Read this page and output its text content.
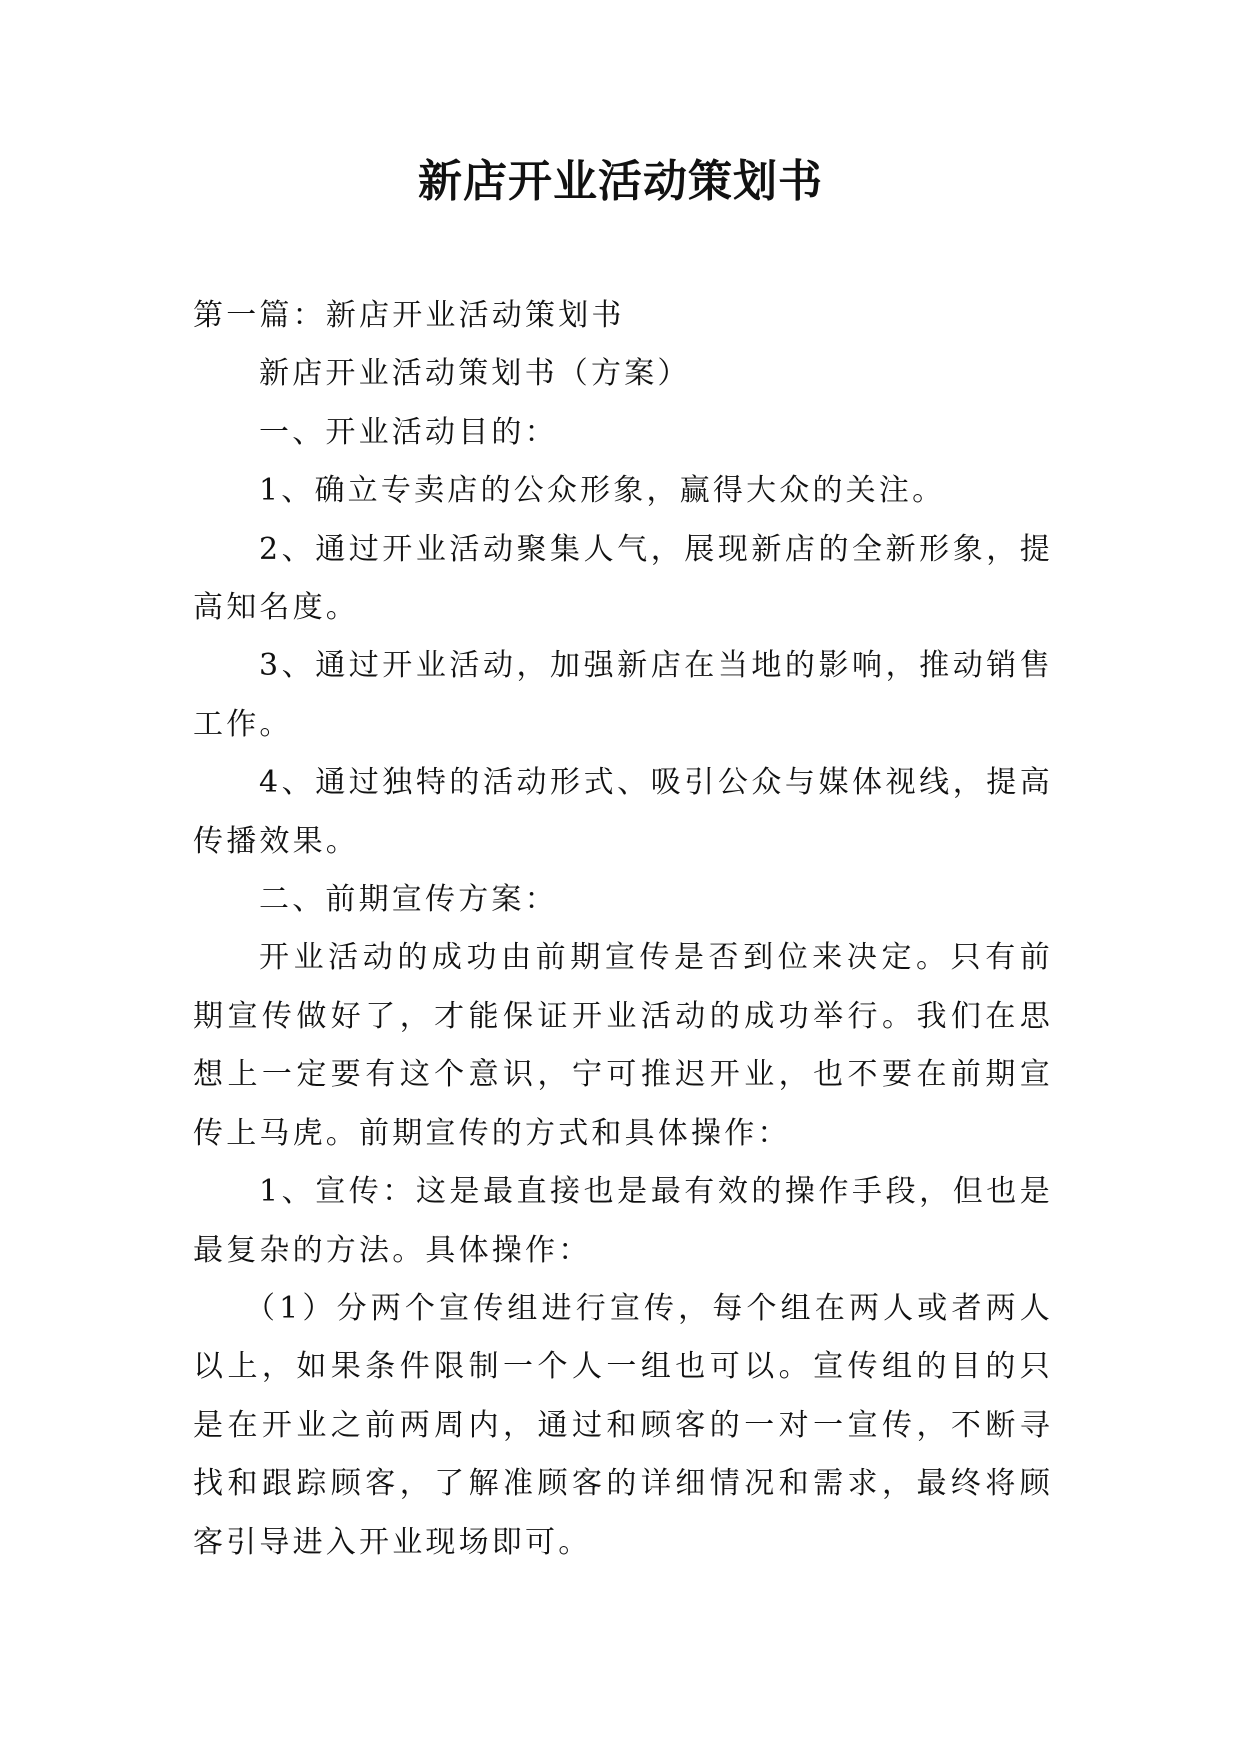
新店开业活动策划书

第一篇：新店开业活动策划书

新店开业活动策划书（方案）

一、开业活动目的：

1、确立专卖店的公众形象，赢得大众的关注。

2、通过开业活动聚集人气，展现新店的全新形象，提高知名度。

3、通过开业活动，加强新店在当地的影响，推动销售工作。

4、通过独特的活动形式、吸引公众与媒体视线，提高传播效果。

二、前期宣传方案：

开业活动的成功由前期宣传是否到位来决定。只有前期宣传做好了，才能保证开业活动的成功举行。我们在思想上一定要有这个意识，宁可推迟开业，也不要在前期宣传上马虎。前期宣传的方式和具体操作：

1、宣传：这是最直接也是最有效的操作手段，但也是最复杂的方法。具体操作：

（1）分两个宣传组进行宣传，每个组在两人或者两人以上，如果条件限制一个人一组也可以。宣传组的目的只是在开业之前两周内，通过和顾客的一对一宣传，不断寻找和跟踪顾客，了解准顾客的详细情况和需求，最终将顾客引导进入开业现场即可。
